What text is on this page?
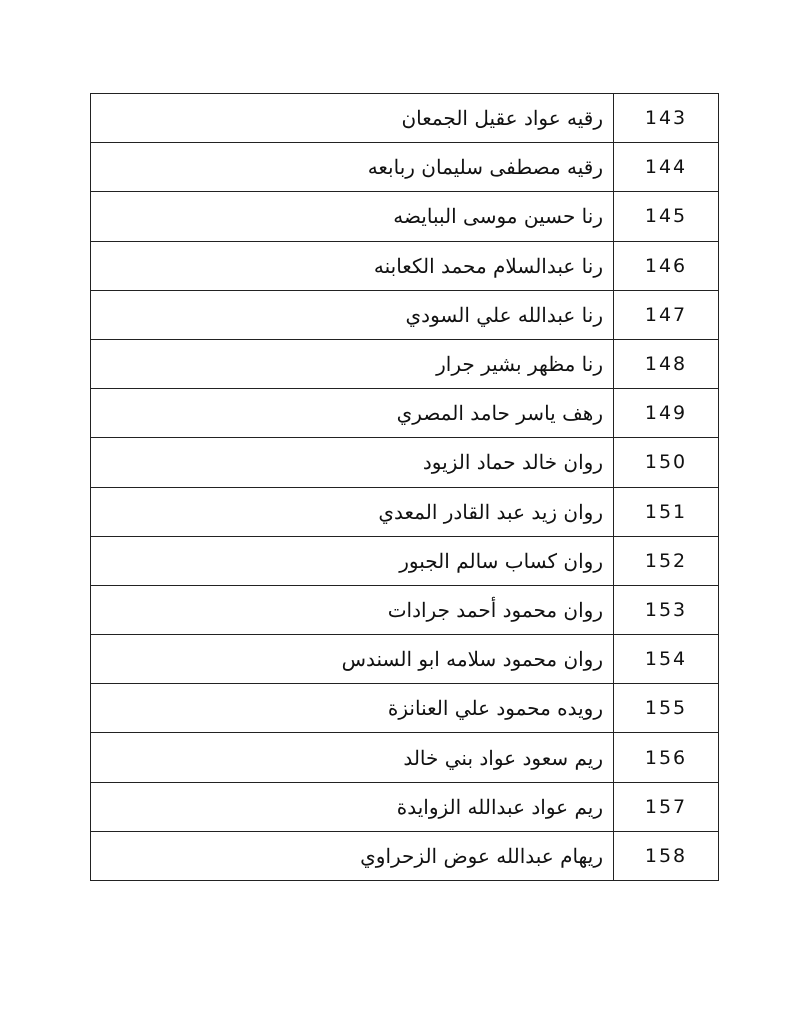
143	رقيه عواد عقيل الجمعان
144	رقيه مصطفى سليمان ربابعه
145	رنا حسين موسى الببايضه
146	رنا عبدالسلام محمد الكعابنه
147	رنا عبدالله علي السودي
148	رنا مظهر بشير جرار
149	رهف ياسر حامد المصري
150	روان خالد حماد الزيود
151	روان زيد عبد القادر المعدي
152	روان كساب سالم الجبور
153	روان محمود أحمد جرادات
154	روان محمود سلامه ابو السندس
155	رويده محمود علي العنانزة
156	ريم سعود عواد بني خالد
157	ريم عواد عبدالله الزوايدة
158	ريهام عبدالله عوض الزحراوي
